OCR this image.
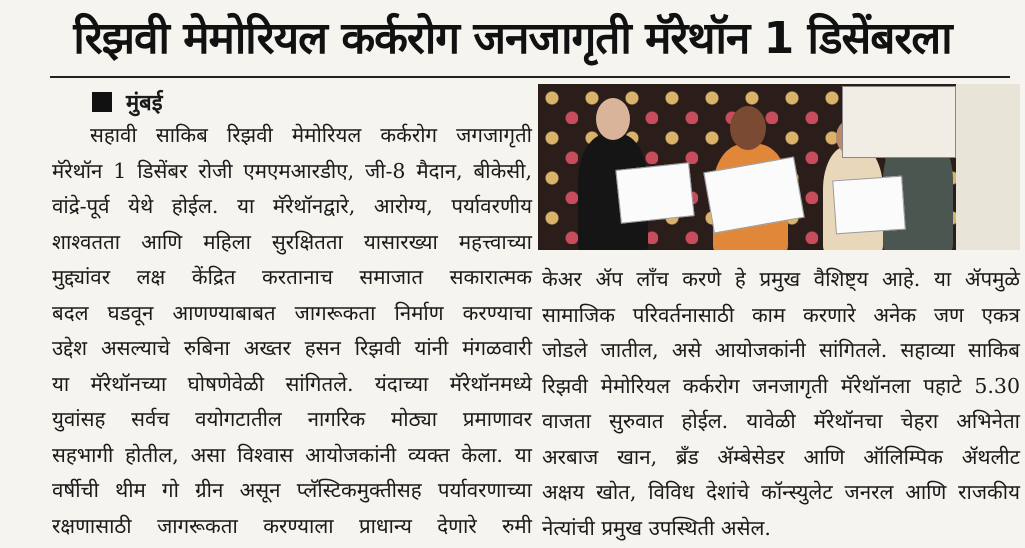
रिझवी मेमोरियल कर्करोग जनजागृती मॅरेथॉन 1 डिसेंबरला
मुंबई

सहावी साकिब रिझवी मेमोरियल कर्करोग जगजागृती

मॅरेथॉन 1 डिसेंबर रोजी एमएमआरडीए, जी-8 मैदान, बीकेसी,

वांद्रे-पूर्व येथे होईल. या मॅरेथॉनद्वारे, आरोग्य, पर्यावरणीय

शाश्वतता आणि महिला सुरक्षितता यासारख्या महत्त्वाच्या

मुद्द्यांवर लक्ष केंद्रित करतानाच समाजात सकारात्मक

बदल घडवून आणण्याबाबत जागरूकता निर्माण करण्याचा

उद्देश असल्याचे रुबिना अख्तर हसन रिझवी यांनी मंगळवारी

या मॅरेथॉनच्या घोषणेवेळी सांगितले. यंदाच्या मॅरेथॉनमध्ये

युवांसह सर्वच वयोगटातील नागरिक मोठ्या प्रमाणावर

सहभागी होतील, असा विश्वास आयोजकांनी व्यक्त केला. या

वर्षीची थीम गो ग्रीन असून प्लॅस्टिकमुक्तीसह पर्यावरणाच्या

रक्षणासाठी जागरूकता करण्याला प्राधान्य देणारे रुमी

केअर ॲप लाँच करणे हे प्रमुख वैशिष्ट्य आहे. या ॲपमुळे

सामाजिक परिवर्तनासाठी काम करणारे अनेक जण एकत्र

जोडले जातील, असे आयोजकांनी सांगितले. सहाव्या साकिब

रिझवी मेमोरियल कर्करोग जनजागृती मॅरेथॉनला पहाटे 5.30

वाजता सुरुवात होईल. यावेळी मॅरेथॉनचा चेहरा अभिनेता

अरबाज खान, ब्रँड ॲम्बेसेडर आणि ऑलिम्पिक ॲथलीट

अक्षय खोत, विविध देशांचे कॉन्स्युलेट जनरल आणि राजकीय

नेत्यांची प्रमुख उपस्थिती असेल.
